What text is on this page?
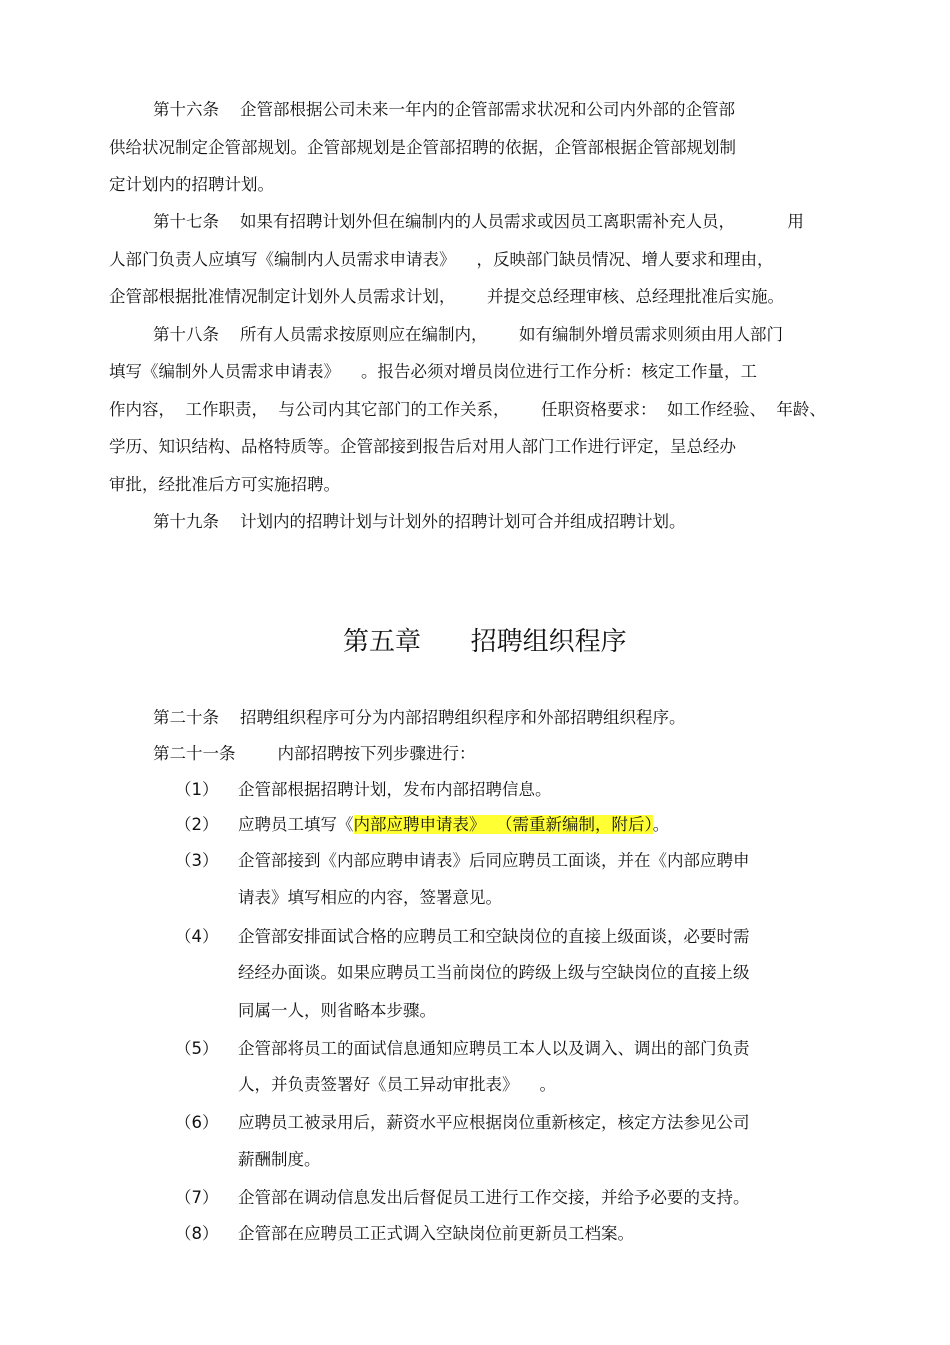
第十六条    企管部根据公司未来一年内的企管部需求状况和公司内外部的企管部
供给状况制定企管部规划。企管部规划是企管部招聘的依据，企管部根据企管部规划制
定计划内的招聘计划。
第十七条    如果有招聘计划外但在编制内的人员需求或因员工离职需补充人员，          用
人部门负责人应填写《编制内人员需求申请表》    ，反映部门缺员情况、增人要求和理由，
企管部根据批准情况制定计划外人员需求计划，      并提交总经理审核、总经理批准后实施。
第十八条    所有人员需求按原则应在编制内，      如有编制外增员需求则须由用人部门
填写《编制外人员需求申请表》    。报告必须对增员岗位进行工作分析：核定工作量，工
作内容，  工作职责，  与公司内其它部门的工作关系，      任职资格要求：  如工作经验、  年龄、
学历、知识结构、品格特质等。企管部接到报告后对用人部门工作进行评定，呈总经办
审批，经批准后方可实施招聘。
第十九条    计划内的招聘计划与计划外的招聘计划可合并组成招聘计划。
第五章      招聘组织程序
第二十条    招聘组织程序可分为内部招聘组织程序和外部招聘组织程序。
第二十一条        内部招聘按下列步骤进行：
（1） 企管部根据招聘计划，发布内部招聘信息。
（2） 应聘员工填写《内部应聘申请表》  （需重新编制，附后）。
（3） 企管部接到《内部应聘申请表》后同应聘员工面谈，并在《内部应聘申
请表》填写相应的内容，签署意见。
（4） 企管部安排面试合格的应聘员工和空缺岗位的直接上级面谈，必要时需
经经办面谈。如果应聘员工当前岗位的跨级上级与空缺岗位的直接上级
同属一人，则省略本步骤。
（5） 企管部将员工的面试信息通知应聘员工本人以及调入、调出的部门负责
人，并负责签署好《员工异动审批表》    。
（6） 应聘员工被录用后，薪资水平应根据岗位重新核定，核定方法参见公司
薪酬制度。
（7） 企管部在调动信息发出后督促员工进行工作交接，并给予必要的支持。
（8） 企管部在应聘员工正式调入空缺岗位前更新员工档案。
